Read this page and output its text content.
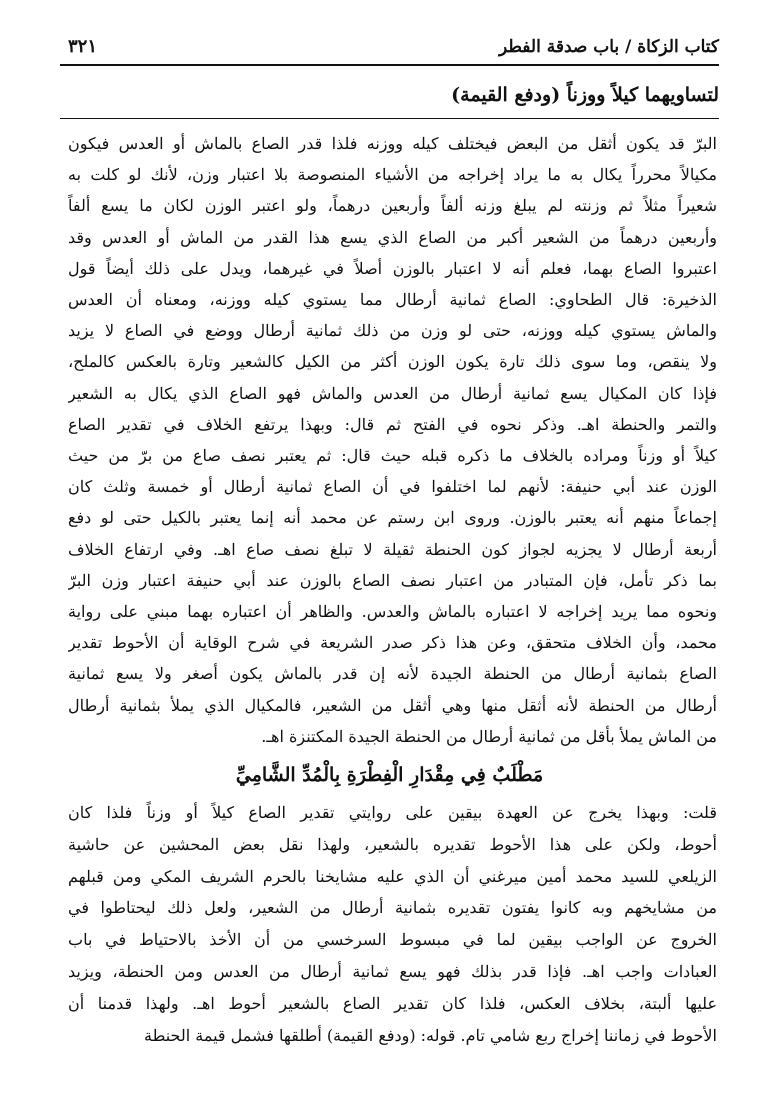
كتاب الزكاة / باب صدقة الفطر
٣٢١
لتساويهما كيلاً ووزناً (ودفع القيمة)
البرّ قد يكون أثقل من البعض فيختلف كيله ووزنه فلذا قدر الصاع بالماش أو العدس فيكون
مكيالاً محرراً يكال به ما يراد إخراجه من الأشياء المنصوصة بلا اعتبار وزن، لأنك لو كلت به
شعيراً مثلاً ثم وزنته لم يبلغ وزنه ألفاً وأربعين درهماً، ولو اعتبر الوزن لكان ما يسع ألفاً
وأربعين درهماً من الشعير أكبر من الصاع الذي يسع هذا القدر من الماش أو العدس وقد
اعتبروا الصاع بهما، فعلم أنه لا اعتبار بالوزن أصلاً في غيرهما، ويدل على ذلك أيضاً قول
الذخيرة: قال الطحاوي: الصاع ثمانية أرطال مما يستوي كيله ووزنه، ومعناه أن العدس
والماش يستوي كيله ووزنه، حتى لو وزن من ذلك ثمانية أرطال ووضع في الصاع لا يزيد
ولا ينقص، وما سوى ذلك تارة يكون الوزن أكثر من الكيل كالشعير وتارة بالعكس كالملح،
فإذا كان المكيال يسع ثمانية أرطال من العدس والماش فهو الصاع الذي يكال به الشعير
والتمر والحنطة اهـ. وذكر نحوه في الفتح ثم قال: وبهذا يرتفع الخلاف في تقدير الصاع
كيلاً أو وزناً ومراده بالخلاف ما ذكره قبله حيث قال: ثم يعتبر نصف صاع من برّ من حيث
الوزن عند أبي حنيفة: لأنهم لما اختلفوا في أن الصاع ثمانية أرطال أو خمسة وثلث كان
إجماعاً منهم أنه يعتبر بالوزن. وروى ابن رستم عن محمد أنه إنما يعتبر بالكيل حتى لو دفع
أربعة أرطال لا يجزيه لجواز كون الحنطة ثقيلة لا تبلغ نصف صاع اهـ. وفي ارتفاع الخلاف
بما ذكر تأمل، فإن المتبادر من اعتبار نصف الصاع بالوزن عند أبي حنيفة اعتبار وزن البرّ
ونحوه مما يريد إخراجه لا اعتباره بالماش والعدس. والظاهر أن اعتباره بهما مبني على رواية
محمد، وأن الخلاف متحقق، وعن هذا ذكر صدر الشريعة في شرح الوقاية أن الأحوط تقدير
الصاع بثمانية أرطال من الحنطة الجيدة لأنه إن قدر بالماش يكون أصغر ولا يسع ثمانية
أرطال من الحنطة لأنه أثقل منها وهي أثقل من الشعير، فالمكيال الذي يملأ بثمانية أرطال
من الماش يملأ بأقل من ثمانية أرطال من الحنطة الجيدة المكتنزة اهـ.
مَطْلَبٌ فِي مِقْدَارِ الْفِطْرَةِ بِالْمُدِّ الشَّامِيِّ
قلت: وبهذا يخرج عن العهدة بيقين على روايتي تقدير الصاع كيلاً أو وزناً فلذا كان
أحوط، ولكن على هذا الأحوط تقديره بالشعير، ولهذا نقل بعض المحشين عن حاشية
الزيلعي للسيد محمد أمين ميرغني أن الذي عليه مشايخنا بالحرم الشريف المكي ومن قبلهم
من مشايخهم وبه كانوا يفتون تقديره بثمانية أرطال من الشعير، ولعل ذلك ليحتاطوا في
الخروج عن الواجب بيقين لما في مبسوط السرخسي من أن الأخذ بالاحتياط في باب
العبادات واجب اهـ. فإذا قدر بذلك فهو يسع ثمانية أرطال من العدس ومن الحنطة، ويزيد
عليها ألبتة، بخلاف العكس، فلذا كان تقدير الصاع بالشعير أحوط اهـ. ولهذا قدمنا أن
الأحوط في زماننا إخراج ربع شامي تام. قوله: (ودفع القيمة) أطلقها فشمل قيمة الحنطة
